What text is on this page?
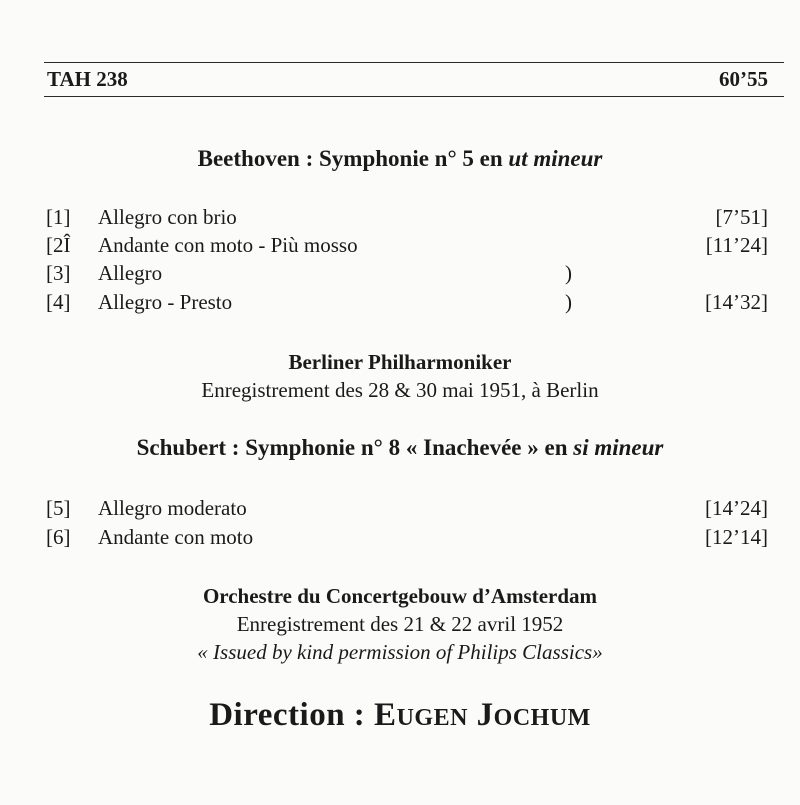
TAH 238	60’55
Beethoven : Symphonie n° 5 en ut mineur
[1] Allegro con brio	[7’51]
[2Î Andante con moto - Più mosso	[11’24]
[3] Allegro	)
[4] Allegro - Presto	)	[14’32]
Berliner Philharmoniker
Enregistrement des 28 & 30 mai 1951, à Berlin
Schubert : Symphonie n° 8 « Inachevée » en si mineur
[5] Allegro moderato	[14’24]
[6] Andante con moto	[12’14]
Orchestre du Concertgebouw d’Amsterdam
Enregistrement des 21 & 22 avril 1952
« Issued by kind permission of Philips Classics»
Direction : EUGEN JOCHUM
